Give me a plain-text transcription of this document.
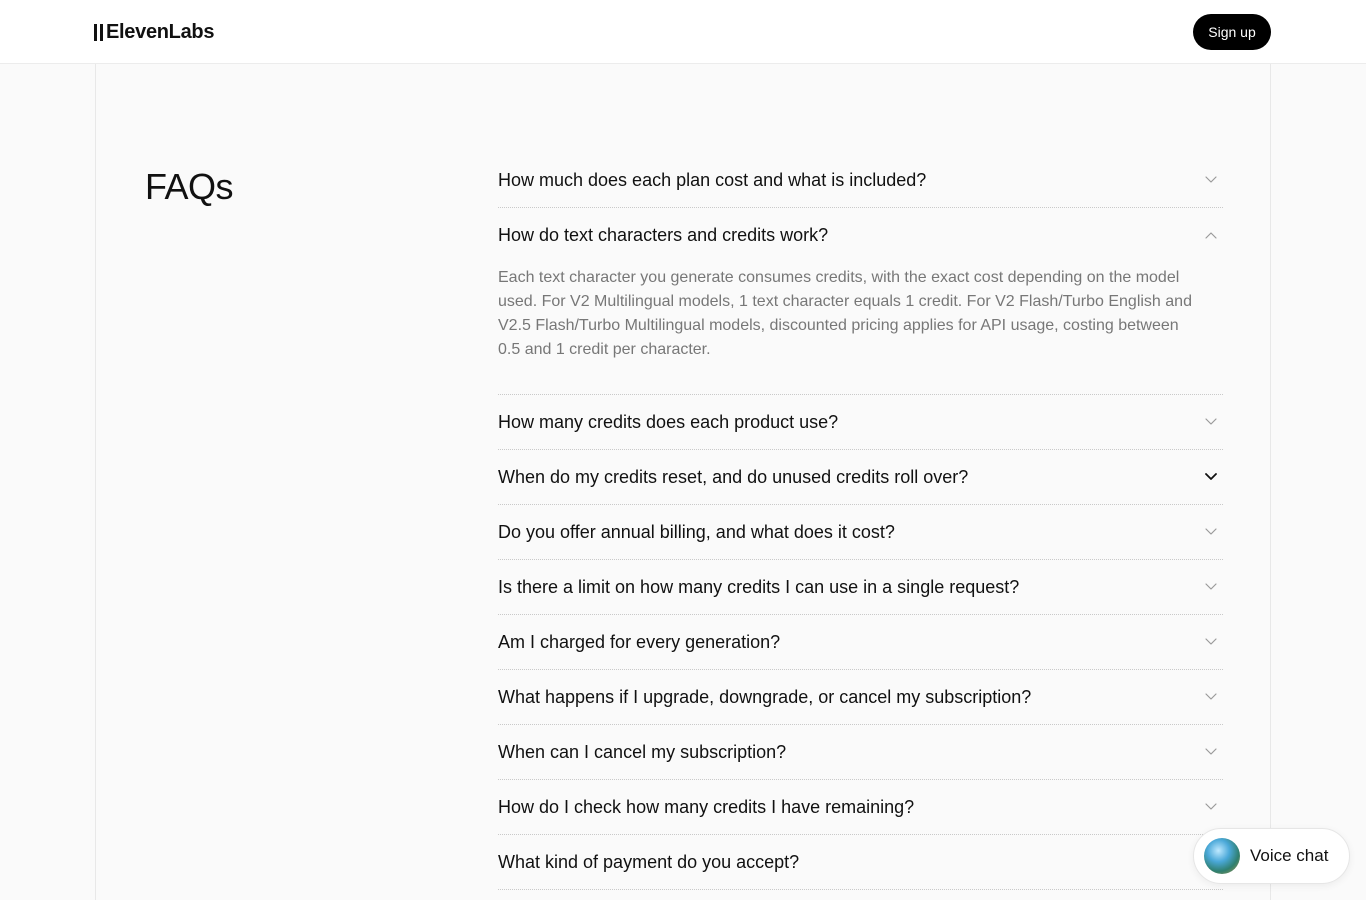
ElevenLabs	Sign up
FAQs	How much does each plan cost and what is included?
How do text characters and credits work?

Each text character you generate consumes credits, with the exact cost depending on the model used. For V2 Multilingual models, 1 text character equals 1 credit. For V2 Flash/Turbo English and V2.5 Flash/Turbo Multilingual models, discounted pricing applies for API usage, costing between 0.5 and 1 credit per character.

How many credits does each product use?
When do my credits reset, and do unused credits roll over?
Do you offer annual billing, and what does it cost?
Is there a limit on how many credits I can use in a single request?
Am I charged for every generation?
What happens if I upgrade, downgrade, or cancel my subscription?
When can I cancel my subscription?
How do I check how many credits I have remaining?
What kind of payment do you accept?	Voice chat
